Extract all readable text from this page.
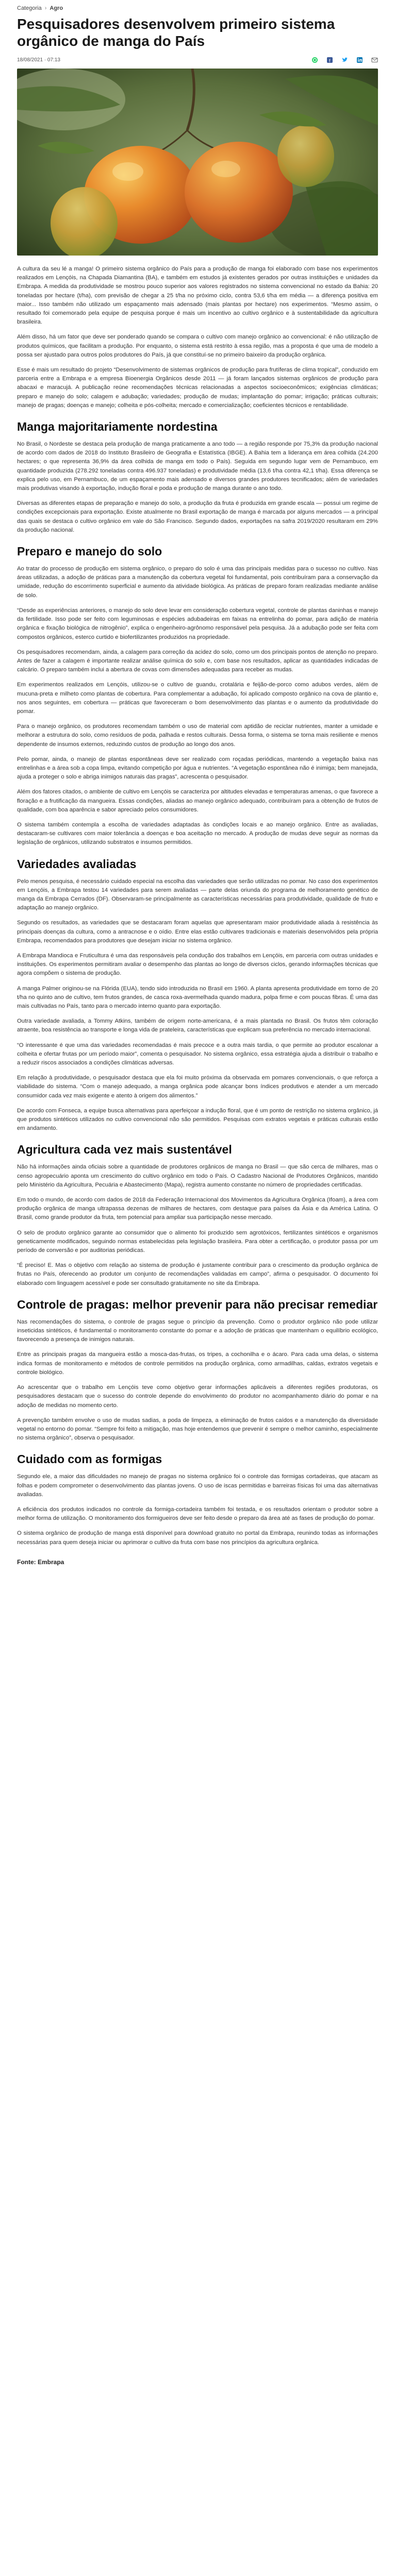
Categoria › Agro
Pesquisadores desenvolvem primeiro sistema orgânico de manga do País
18/08/2021 · 07:13	f

A cultura da seu lé a manga! O primeiro sistema orgânico do País para a produção de manga foi elaborado com base nos experimentos realizados em Lençóis, na Chapada Diamantina (BA), e também em estudos já existentes gerados por outras instituições e unidades da Embrapa. A medida da produtividade se mostrou pouco superior aos valores registrados no sistema convencional no estado da Bahia: 20 toneladas por hectare (t/ha), com previsão de chegar a 25 t/ha no próximo ciclo, contra 53,6 t/ha em média — a diferença positiva em maior... Isso também não utilizado um espaçamento mais adensado (mais plantas por hectare) nos experimentos. “Mesmo assim, o resultado foi comemorado pela equipe de pesquisa porque é mais um incentivo ao cultivo orgânico e à sustentabilidade da agricultura brasileira.

Além disso, há um fator que deve ser ponderado quando se compara o cultivo com manejo orgânico ao convencional: é não utilização de produtos químicos, que facilitam a produção. Por enquanto, o sistema está restrito à essa região, mas a proposta é que uma de modelo a possa ser ajustado para outros polos produtores do País, já que constituí-se no primeiro baixeiro da produção orgânica.

Esse é mais um resultado do projeto “Desenvolvimento de sistemas orgânicos de produção para frutíferas de clima tropical”, conduzido em parceria entre a Embrapa e a empresa Bioenergia Orgânicos desde 2011 — já foram lançados sistemas orgânicos de produção para abacaxi e maracujá. A publicação reúne recomendações técnicas relacionadas a aspectos socioeconômicos; exigências climáticas; preparo e manejo do solo; calagem e adubação; variedades; produção de mudas; implantação do pomar; irrigação; práticas culturais; manejo de pragas; doenças e manejo; colheita e pós-colheita; mercado e comercialização; coeficientes técnicos e rentabilidade.

Manga majoritariamente nordestina

No Brasil, o Nordeste se destaca pela produção de manga praticamente a ano todo — a região responde por 75,3% da produção nacional de acordo com dados de 2018 do Instituto Brasileiro de Geografia e Estatística (IBGE). A Bahia tem a liderança em área colhida (24.200 hectares; o que representa 36,9% da área colhida de manga em todo o País). Seguida em segundo lugar vem de Pernambuco, em quantidade produzida (278.292 toneladas contra 496.937 toneladas) e produtividade média (13,6 t/ha contra 42,1 t/ha). Essa diferença se explica pelo uso, em Pernambuco, de um espaçamento mais adensado e diversos grandes produtores tecnificados; além de variedades mais produtivas visando à exportação, indução floral e poda e produção de manga durante o ano todo.

Diversas as diferentes etapas de preparação e manejo do solo, a produção da fruta é produzida em grande escala — possui um regime de condições excepcionais para exportação. Existe atualmente no Brasil exportação de manga é marcada por alguns mercados — a principal das quais se destaca o cultivo orgânico em vale do São Francisco. Segundo dados, exportações na safra 2019/2020 resultaram em 29% da produção nacional.

Preparo e manejo do solo

Ao tratar do processo de produção em sistema orgânico, o preparo do solo é uma das principais medidas para o sucesso no cultivo. Nas áreas utilizadas, a adoção de práticas para a manutenção da cobertura vegetal foi fundamental, pois contribuíram para a conservação da umidade, redução do escorrimento superficial e aumento da atividade biológica. As práticas de preparo foram realizadas mediante análise de solo.

“Desde as experiências anteriores, o manejo do solo deve levar em consideração cobertura vegetal, controle de plantas daninhas e manejo da fertilidade. Isso pode ser feito com leguminosas e espécies adubadeiras em faixas na entrelinha do pomar, para adição de matéria orgânica e fixação biológica de nitrogênio”, explica o engenheiro-agrônomo responsável pela pesquisa. Já a adubação pode ser feita com compostos orgânicos, esterco curtido e biofertilizantes produzidos na propriedade.

Os pesquisadores recomendam, ainda, a calagem para correção da acidez do solo, como um dos principais pontos de atenção no preparo. Antes de fazer a calagem é importante realizar análise química do solo e, com base nos resultados, aplicar as quantidades indicadas de calcário. O preparo também inclui a abertura de covas com dimensões adequadas para receber as mudas.

Em experimentos realizados em Lençóis, utilizou-se o cultivo de guandu, crotalária e feijão-de-porco como adubos verdes, além de mucuna-preta e milheto como plantas de cobertura. Para complementar a adubação, foi aplicado composto orgânico na cova de plantio e, nos anos seguintes, em cobertura — práticas que favoreceram o bom desenvolvimento das plantas e o aumento da produtividade do pomar.

Para o manejo orgânico, os produtores recomendam também o uso de material com aptidão de reciclar nutrientes, manter a umidade e melhorar a estrutura do solo, como resíduos de poda, palhada e restos culturais. Dessa forma, o sistema se torna mais resiliente e menos dependente de insumos externos, reduzindo custos de produção ao longo dos anos.

Pelo pomar, ainda, o manejo de plantas espontâneas deve ser realizado com roçadas periódicas, mantendo a vegetação baixa nas entrelinhas e a área sob a copa limpa, evitando competição por água e nutrientes. “A vegetação espontânea não é inimiga; bem manejada, ajuda a proteger o solo e abriga inimigos naturais das pragas”, acrescenta o pesquisador.

Além dos fatores citados, o ambiente de cultivo em Lençóis se caracteriza por altitudes elevadas e temperaturas amenas, o que favorece a floração e a frutificação da mangueira. Essas condições, aliadas ao manejo orgânico adequado, contribuíram para a obtenção de frutos de qualidade, com boa aparência e sabor apreciado pelos consumidores.

O sistema também contempla a escolha de variedades adaptadas às condições locais e ao manejo orgânico. Entre as avaliadas, destacaram-se cultivares com maior tolerância a doenças e boa aceitação no mercado. A produção de mudas deve seguir as normas da legislação de orgânicos, utilizando substratos e insumos permitidos.

Variedades avaliadas

Pelo menos pesquisa, é necessário cuidado especial na escolha das variedades que serão utilizadas no pomar. No caso dos experimentos em Lençóis, a Embrapa testou 14 variedades para serem avaliadas — parte delas oriunda do programa de melhoramento genético de manga da Embrapa Cerrados (DF). Observaram-se principalmente as características necessárias para produtividade, qualidade de fruto e adaptação ao manejo orgânico.

Segundo os resultados, as variedades que se destacaram foram aquelas que apresentaram maior produtividade aliada à resistência às principais doenças da cultura, como a antracnose e o oídio. Entre elas estão cultivares tradicionais e materiais desenvolvidos pela própria Embrapa, recomendados para produtores que desejam iniciar no sistema orgânico.

A Embrapa Mandioca e Fruticultura é uma das responsáveis pela condução dos trabalhos em Lençóis, em parceria com outras unidades e instituições. Os experimentos permitiram avaliar o desempenho das plantas ao longo de diversos ciclos, gerando informações técnicas que agora compõem o sistema de produção.

A manga Palmer originou-se na Flórida (EUA), tendo sido introduzida no Brasil em 1960. A planta apresenta produtividade em torno de 20 t/ha no quinto ano de cultivo, tem frutos grandes, de casca roxa-avermelhada quando madura, polpa firme e com poucas fibras. É uma das mais cultivadas no País, tanto para o mercado interno quanto para exportação.

Outra variedade avaliada, a Tommy Atkins, também de origem norte-americana, é a mais plantada no Brasil. Os frutos têm coloração atraente, boa resistência ao transporte e longa vida de prateleira, características que explicam sua preferência no mercado internacional.

“O interessante é que uma das variedades recomendadas é mais precoce e a outra mais tardia, o que permite ao produtor escalonar a colheita e ofertar frutas por um período maior”, comenta o pesquisador. No sistema orgânico, essa estratégia ajuda a distribuir o trabalho e a reduzir riscos associados a condições climáticas adversas.

Em relação à produtividade, o pesquisador destaca que ela foi muito próxima da observada em pomares convencionais, o que reforça a viabilidade do sistema. “Com o manejo adequado, a manga orgânica pode alcançar bons índices produtivos e atender a um mercado consumidor cada vez mais exigente e atento à origem dos alimentos.”

De acordo com Fonseca, a equipe busca alternativas para aperfeiçoar a indução floral, que é um ponto de restrição no sistema orgânico, já que produtos sintéticos utilizados no cultivo convencional não são permitidos. Pesquisas com extratos vegetais e práticas culturais estão em andamento.

Agricultura cada vez mais sustentável

Não há informações ainda oficiais sobre a quantidade de produtores orgânicos de manga no Brasil — que são cerca de milhares, mas o censo agropecuário aponta um crescimento do cultivo orgânico em todo o País. O Cadastro Nacional de Produtores Orgânicos, mantido pelo Ministério da Agricultura, Pecuária e Abastecimento (Mapa), registra aumento constante no número de propriedades certificadas.

Em todo o mundo, de acordo com dados de 2018 da Federação Internacional dos Movimentos da Agricultura Orgânica (Ifoam), a área com produção orgânica de manga ultrapassa dezenas de milhares de hectares, com destaque para países da Ásia e da América Latina. O Brasil, como grande produtor da fruta, tem potencial para ampliar sua participação nesse mercado.

O selo de produto orgânico garante ao consumidor que o alimento foi produzido sem agrotóxicos, fertilizantes sintéticos e organismos geneticamente modificados, seguindo normas estabelecidas pela legislação brasileira. Para obter a certificação, o produtor passa por um período de conversão e por auditorias periódicas.

“É preciso! E. Mas o objetivo com relação ao sistema de produção é justamente contribuir para o crescimento da produção orgânica de frutas no País, oferecendo ao produtor um conjunto de recomendações validadas em campo”, afirma o pesquisador. O documento foi elaborado com linguagem acessível e pode ser consultado gratuitamente no site da Embrapa.

Controle de pragas: melhor prevenir para não precisar remediar

Nas recomendações do sistema, o controle de pragas segue o princípio da prevenção. Como o produtor orgânico não pode utilizar inseticidas sintéticos, é fundamental o monitoramento constante do pomar e a adoção de práticas que mantenham o equilíbrio ecológico, favorecendo a presença de inimigos naturais.

Entre as principais pragas da mangueira estão a mosca-das-frutas, os tripes, a cochonilha e o ácaro. Para cada uma delas, o sistema indica formas de monitoramento e métodos de controle permitidos na produção orgânica, como armadilhas, caldas, extratos vegetais e controle biológico.

Ao acrescentar que o trabalho em Lençóis teve como objetivo gerar informações aplicáveis a diferentes regiões produtoras, os pesquisadores destacam que o sucesso do controle depende do envolvimento do produtor no acompanhamento diário do pomar e na adoção de medidas no momento certo.

A prevenção também envolve o uso de mudas sadias, a poda de limpeza, a eliminação de frutos caídos e a manutenção da diversidade vegetal no entorno do pomar. “Sempre foi feito a mitigação, mas hoje entendemos que prevenir é sempre o melhor caminho, especialmente no sistema orgânico”, observa o pesquisador.

Cuidado com as formigas

Segundo ele, a maior das dificuldades no manejo de pragas no sistema orgânico foi o controle das formigas cortadeiras, que atacam as folhas e podem comprometer o desenvolvimento das plantas jovens. O uso de iscas permitidas e barreiras físicas foi uma das alternativas avaliadas.

A eficiência dos produtos indicados no controle da formiga-cortadeira também foi testada, e os resultados orientam o produtor sobre a melhor forma de utilização. O monitoramento dos formigueiros deve ser feito desde o preparo da área até as fases de produção do pomar.

O sistema orgânico de produção de manga está disponível para download gratuito no portal da Embrapa, reunindo todas as informações necessárias para quem deseja iniciar ou aprimorar o cultivo da fruta com base nos princípios da agricultura orgânica.

Fonte: Embrapa
